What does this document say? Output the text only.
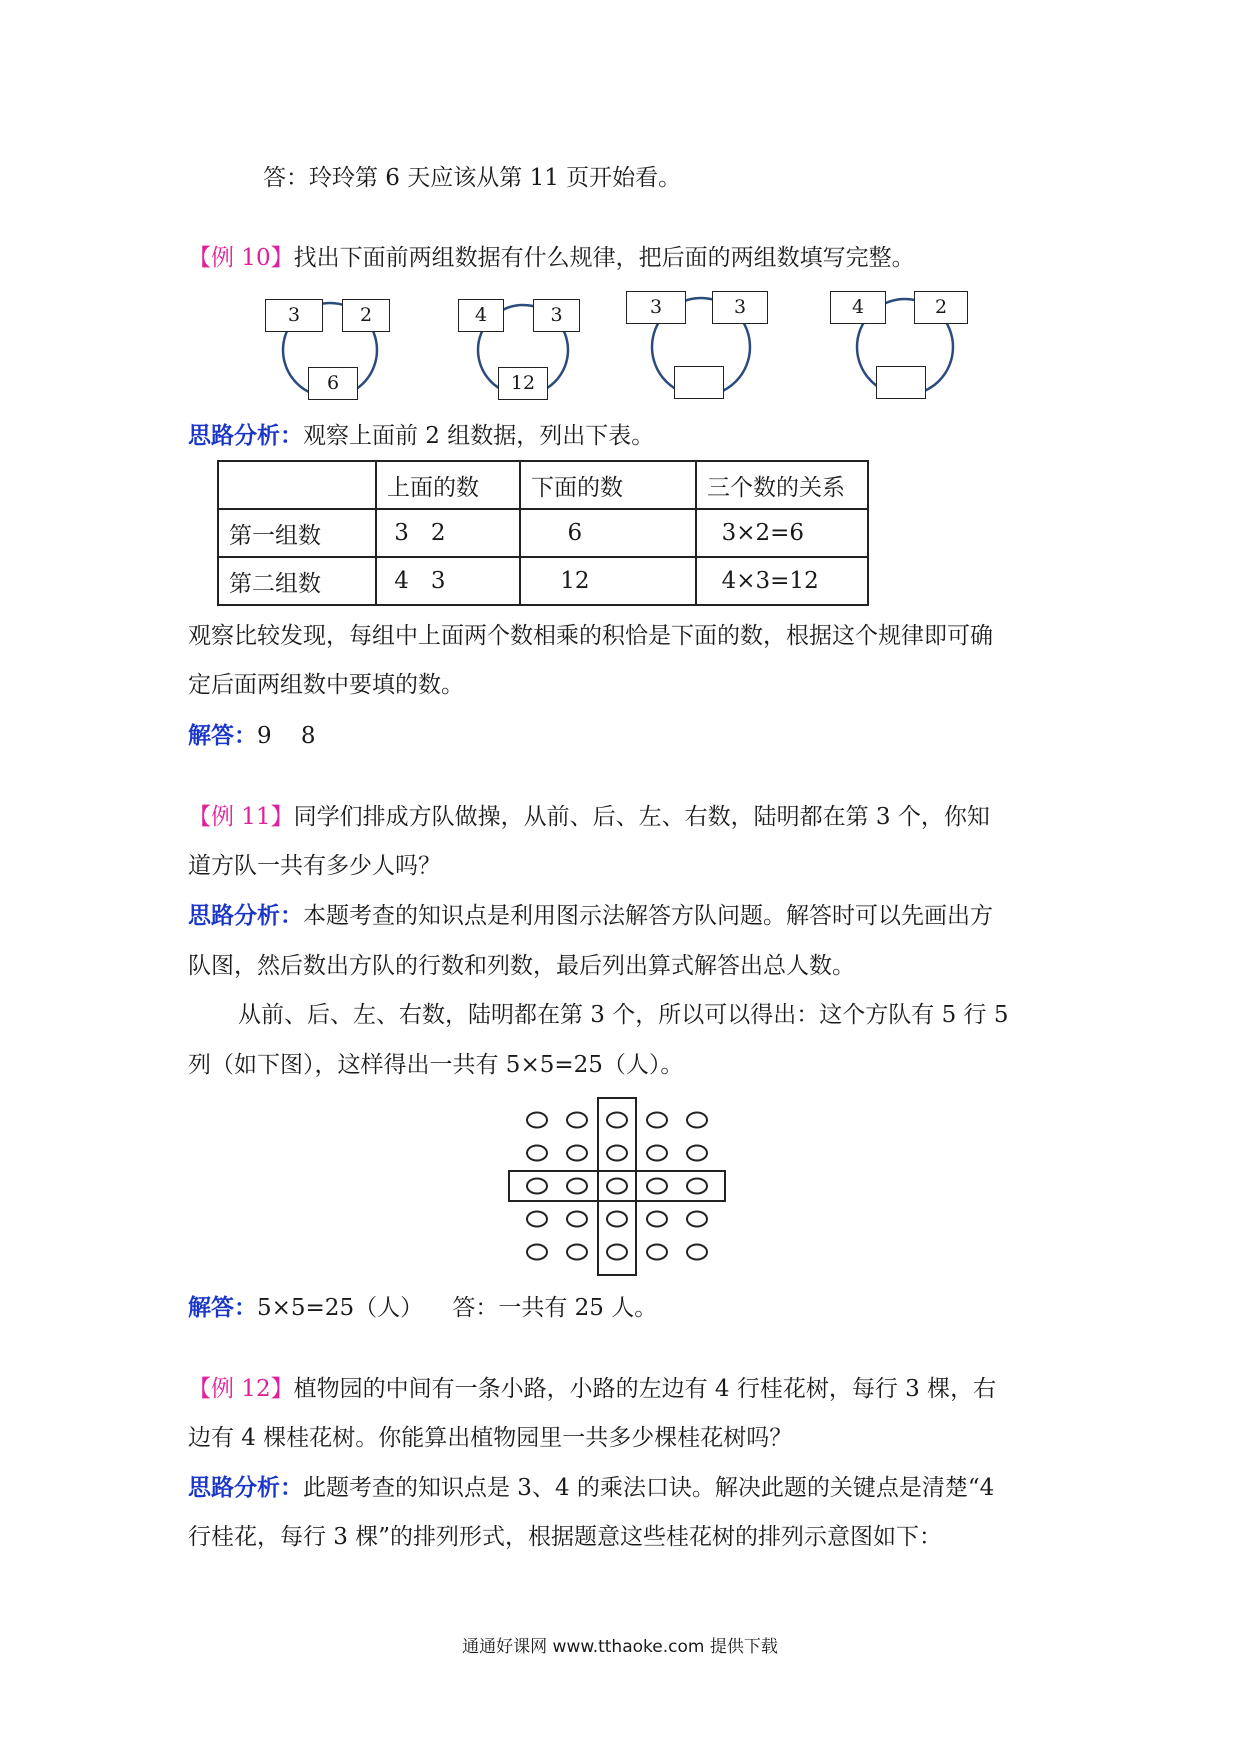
答：玲玲第 6 天应该从第 11 页开始看。
【例 10】找出下面前两组数据有什么规律，把后面的两组数填写完整。
3	2
6
4	3
12
3	3	4	2
思路分析：观察上面前 2 组数据，列出下表。
	上面的数	下面的数	三个数的关系
第一组数	3   2	6	3×2=6
第二组数	4   3	12	4×3=12
观察比较发现，每组中上面两个数相乘的积恰是下面的数，根据这个规律即可确
定后面两组数中要填的数。
解答：9    8
【例 11】同学们排成方队做操，从前、后、左、右数，陆明都在第 3 个，你知
道方队一共有多少人吗？
思路分析：本题考查的知识点是利用图示法解答方队问题。解答时可以先画出方
队图，然后数出方队的行数和列数，最后列出算式解答出总人数。
从前、后、左、右数，陆明都在第 3 个，所以可以得出：这个方队有 5 行 5
列（如下图），这样得出一共有 5×5=25（人）。
解答：5×5=25（人）    答：一共有 25 人。
【例 12】植物园的中间有一条小路，小路的左边有 4 行桂花树，每行 3 棵，右
边有 4 棵桂花树。你能算出植物园里一共多少棵桂花树吗？
思路分析：此题考查的知识点是 3、4 的乘法口诀。解决此题的关键点是清楚“4
行桂花，每行 3 棵”的排列形式，根据题意这些桂花树的排列示意图如下：
通通好课网 www.tthaoke.com 提供下载
